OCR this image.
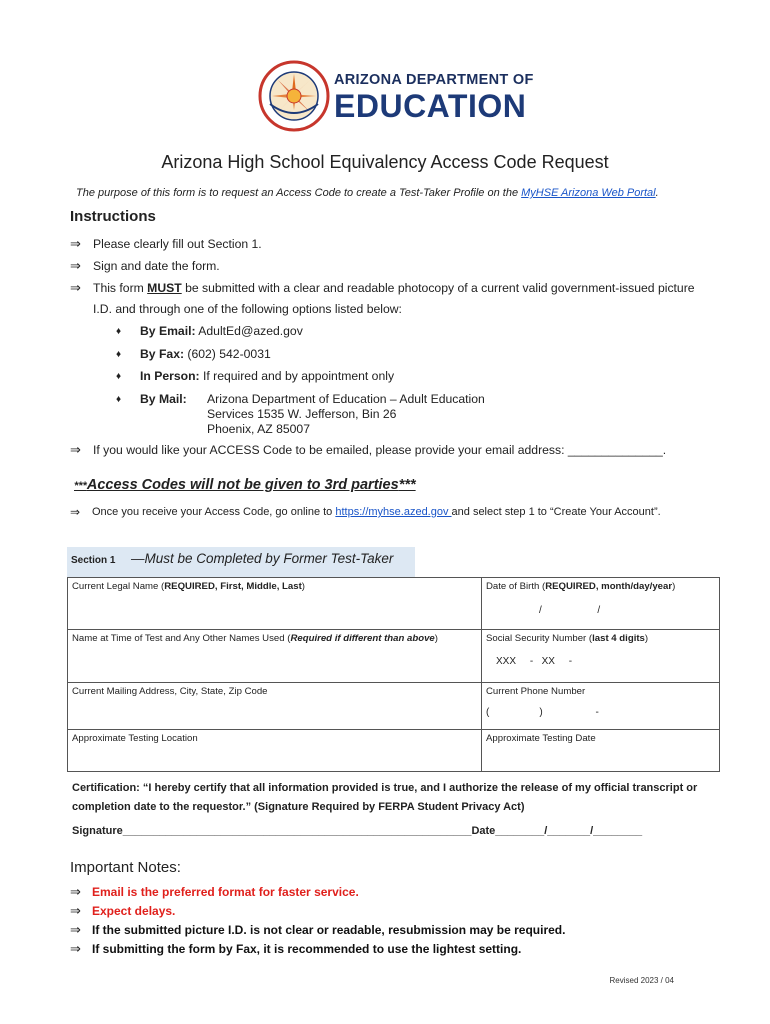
ARIZONA DEPARTMENT OF
EDUCATION
Arizona High School Equivalency Access Code Request
The purpose of this form is to request an Access Code to create a Test-Taker Profile on the MyHSE Arizona Web Portal.
Instructions
⇒ Please clearly fill out Section 1.
⇒ Sign and date the form.
⇒ This form MUST be submitted with a clear and readable photocopy of a current valid government-issued picture
I.D. and through one of the following options listed below:
♦ By Email: AdultEd@azed.gov
♦ By Fax: (602) 542-0031
♦ In Person: If required and by appointment only
♦ By Mail: Arizona Department of Education – Adult Education
Services 1535 W. Jefferson, Bin 26
Phoenix, AZ 85007
⇒ If you would like your ACCESS Code to be emailed, please provide your email address: ______________.
***Access Codes will not be given to 3rd parties***
⇒ Once you receive your Access Code, go online to https://myhse.azed.gov and select step 1 to “Create Your Account”.
Section 1 —Must be Completed by Former Test-Taker
Current Legal Name (REQUIRED, First, Middle, Last)	Date of Birth (REQUIRED, month/day/year)
/                    /

Name at Time of Test and Any Other Names Used (Required if different than above)	Social Security Number (last 4 digits)
XXX     -   XX     -

Current Mailing Address, City, State, Zip Code	Current Phone Number
(                  )                   -

Approximate Testing Location	Approximate Testing Date
Certification: “I hereby certify that all information provided is true, and I authorize the release of my official transcript or completion date to the requestor.” (Signature Required by FERPA Student Privacy Act)
Signature_________________________________________________________Date________/_______/________
Important Notes:
⇒ Email is the preferred format for faster service.
⇒ Expect delays.
⇒ If the submitted picture I.D. is not clear or readable, resubmission may be required.
⇒ If submitting the form by Fax, it is recommended to use the lightest setting.
Revised 2023 / 04
